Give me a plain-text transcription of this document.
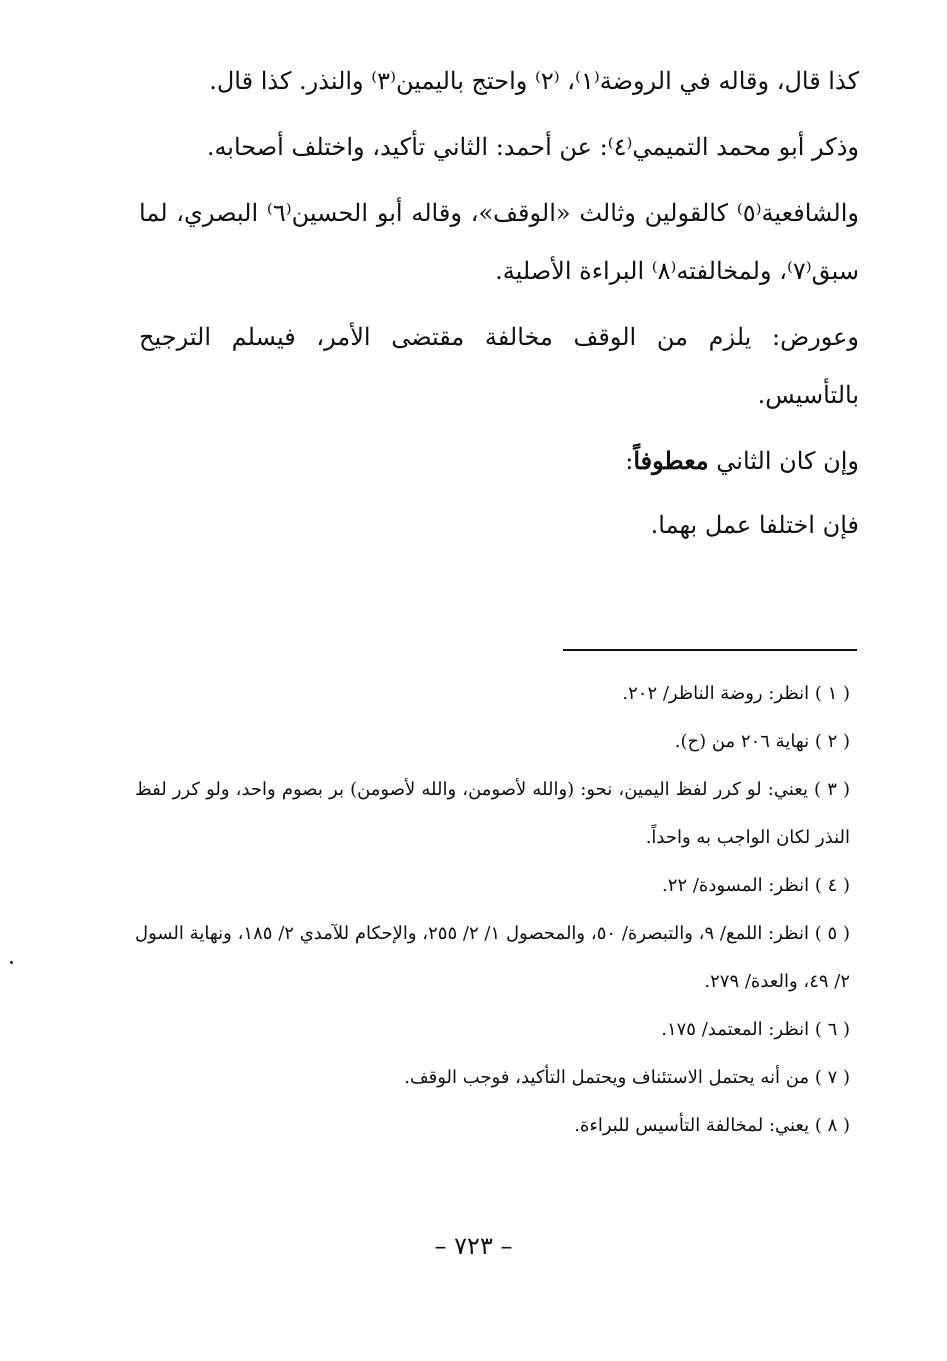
كذا قال، وقاله في الروضة⁽١⁾، ⁽٢⁾ واحتج باليمين⁽٣⁾ والنذر. كذا قال.

وذكر أبو محمد التميمي⁽٤⁾: عن أحمد: الثاني تأكيد، واختلف أصحابه.

والشافعية⁽٥⁾ كالقولين وثالث «الوقف»، وقاله أبو الحسين⁽٦⁾ البصري، لما سبق⁽٧⁾، ولمخالفته⁽٨⁾ البراءة الأصلية.

وعورض: يلزم من الوقف مخالفة مقتضى الأمر، فيسلم الترجيح بالتأسيس.

وإن كان الثاني معطوفاً:

فإن اختلفا عمل بهما.

( ١ ) انظر: روضة الناظر/ ٢٠٢.

( ٢ ) نهاية ٢٠٦ من (ح).

( ٣ ) يعني: لو كرر لفظ اليمين، نحو: (والله لأصومن، والله لأصومن) بر بصوم واحد، ولو كرر لفظ النذر لكان الواجب به واحداً.

( ٤ ) انظر: المسودة/ ٢٢.

( ٥ ) انظر: اللمع/ ٩، والتبصرة/ ٥٠، والمحصول ١/ ٢/ ٢٥٥، والإحكام للآمدي ٢/ ١٨٥، ونهاية السول ٢/ ٤٩، والعدة/ ٢٧٩.

( ٦ ) انظر: المعتمد/ ١٧٥.

( ٧ ) من أنه يحتمل الاستئناف ويحتمل التأكيد، فوجب الوقف.

( ٨ ) يعني: لمخالفة التأسيس للبراءة.

– ٧٢٣ –
